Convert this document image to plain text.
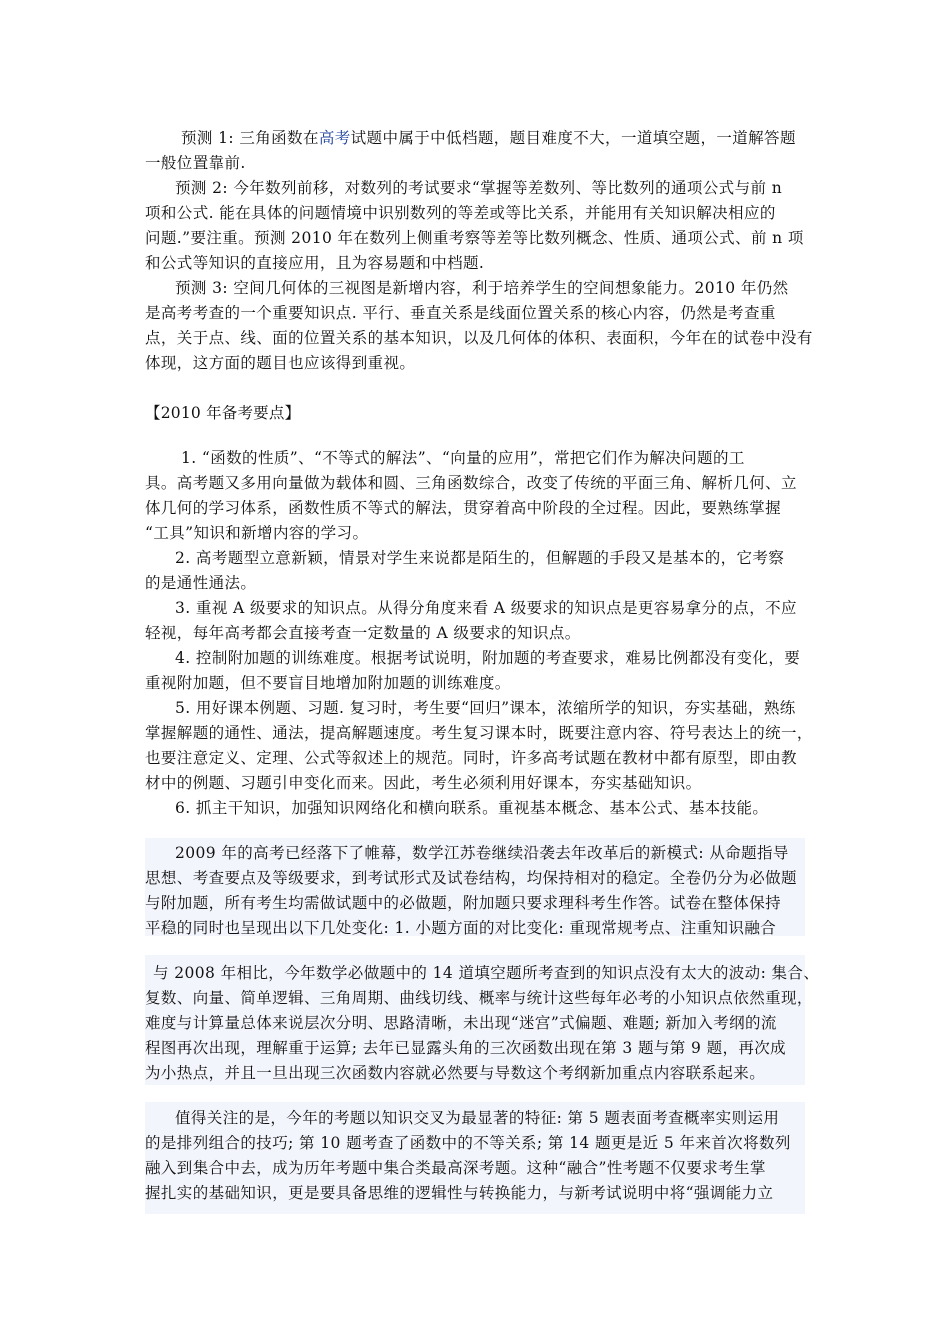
预测 1: 三角函数在高考试题中属于中低档题，题目难度不大，一道填空题，一道解答题
一般位置靠前.
预测 2: 今年数列前移，对数列的考试要求“掌握等差数列、等比数列的通项公式与前 n
项和公式. 能在具体的问题情境中识别数列的等差或等比关系，并能用有关知识解决相应的
问题.”要注重。预测 2010 年在数列上侧重考察等差等比数列概念、性质、通项公式、前 n 项
和公式等知识的直接应用，且为容易题和中档题.
预测 3: 空间几何体的三视图是新增内容，利于培养学生的空间想象能力。2010 年仍然
是高考考查的一个重要知识点. 平行、垂直关系是线面位置关系的核心内容，仍然是考查重
点，关于点、线、面的位置关系的基本知识，以及几何体的体积、表面积，今年在的试卷中没有
体现，这方面的题目也应该得到重视。
【2010 年备考要点】
1. “函数的性质”、“不等式的解法”、“向量的应用”，常把它们作为解决问题的工
具。高考题又多用向量做为载体和圆、三角函数综合，改变了传统的平面三角、解析几何、立
体几何的学习体系，函数性质不等式的解法，贯穿着高中阶段的全过程。因此，要熟练掌握
“工具”知识和新增内容的学习。
2. 高考题型立意新颖，情景对学生来说都是陌生的，但解题的手段又是基本的，它考察
的是通性通法。
3. 重视 A 级要求的知识点。从得分角度来看 A 级要求的知识点是更容易拿分的点，不应
轻视，每年高考都会直接考查一定数量的 A 级要求的知识点。
4. 控制附加题的训练难度。根据考试说明，附加题的考查要求，难易比例都没有变化，要
重视附加题，但不要盲目地增加附加题的训练难度。
5. 用好课本例题、习题. 复习时，考生要“回归”课本，浓缩所学的知识，夯实基础，熟练
掌握解题的通性、通法，提高解题速度。考生复习课本时，既要注意内容、符号表达上的统一，
也要注意定义、定理、公式等叙述上的规范。同时，许多高考试题在教材中都有原型，即由教
材中的例题、习题引申变化而来。因此，考生必须利用好课本，夯实基础知识。
6. 抓主干知识，加强知识网络化和横向联系。重视基本概念、基本公式、基本技能。
2009 年的高考已经落下了帷幕，数学江苏卷继续沿袭去年改革后的新模式: 从命题指导
思想、考查要点及等级要求，到考试形式及试卷结构，均保持相对的稳定。全卷仍分为必做题
与附加题，所有考生均需做试题中的必做题，附加题只要求理科考生作答。试卷在整体保持
平稳的同时也呈现出以下几处变化: 1. 小题方面的对比变化: 重现常规考点、注重知识融合
与 2008 年相比，今年数学必做题中的 14 道填空题所考查到的知识点没有太大的波动: 集合、
复数、向量、简单逻辑、三角周期、曲线切线、概率与统计这些每年必考的小知识点依然重现，
难度与计算量总体来说层次分明、思路清晰，未出现“迷宫”式偏题、难题; 新加入考纲的流
程图再次出现，理解重于运算; 去年已显露头角的三次函数出现在第 3 题与第 9 题，再次成
为小热点，并且一旦出现三次函数内容就必然要与导数这个考纲新加重点内容联系起来。
值得关注的是，今年的考题以知识交叉为最显著的特征: 第 5 题表面考查概率实则运用
的是排列组合的技巧; 第 10 题考查了函数中的不等关系; 第 14 题更是近 5 年来首次将数列
融入到集合中去，成为历年考题中集合类最高深考题。这种“融合”性考题不仅要求考生掌
握扎实的基础知识，更是要具备思维的逻辑性与转换能力，与新考试说明中将“强调能力立
